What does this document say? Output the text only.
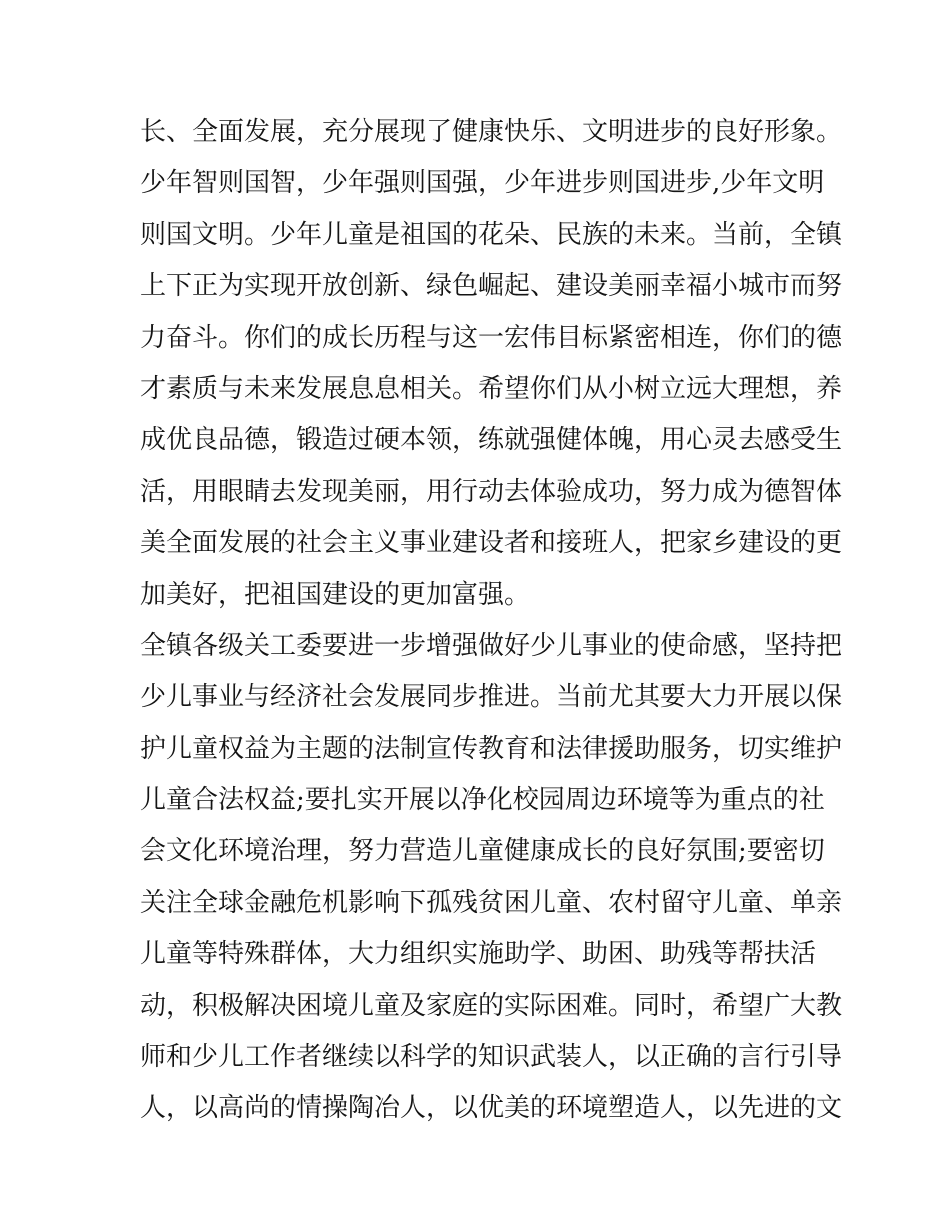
长、全面发展，充分展现了健康快乐、文明进步的良好形象。
少年智则国智，少年强则国强，少年进步则国进步,少年文明
则国文明。少年儿童是祖国的花朵、民族的未来。当前，全镇
上下正为实现开放创新、绿色崛起、建设美丽幸福小城市而努
力奋斗。你们的成长历程与这一宏伟目标紧密相连，你们的德
才素质与未来发展息息相关。希望你们从小树立远大理想，养
成优良品德，锻造过硬本领，练就强健体魄，用心灵去感受生
活，用眼睛去发现美丽，用行动去体验成功，努力成为德智体
美全面发展的社会主义事业建设者和接班人，把家乡建设的更
加美好，把祖国建设的更加富强。
全镇各级关工委要进一步增强做好少儿事业的使命感，坚持把
少儿事业与经济社会发展同步推进。当前尤其要大力开展以保
护儿童权益为主题的法制宣传教育和法律援助服务，切实维护
儿童合法权益;要扎实开展以净化校园周边环境等为重点的社
会文化环境治理，努力营造儿童健康成长的良好氛围;要密切
关注全球金融危机影响下孤残贫困儿童、农村留守儿童、单亲
儿童等特殊群体，大力组织实施助学、助困、助残等帮扶活
动，积极解决困境儿童及家庭的实际困难。同时，希望广大教
师和少儿工作者继续以科学的知识武装人，以正确的言行引导
人，以高尚的情操陶冶人，以优美的环境塑造人，以先进的文
